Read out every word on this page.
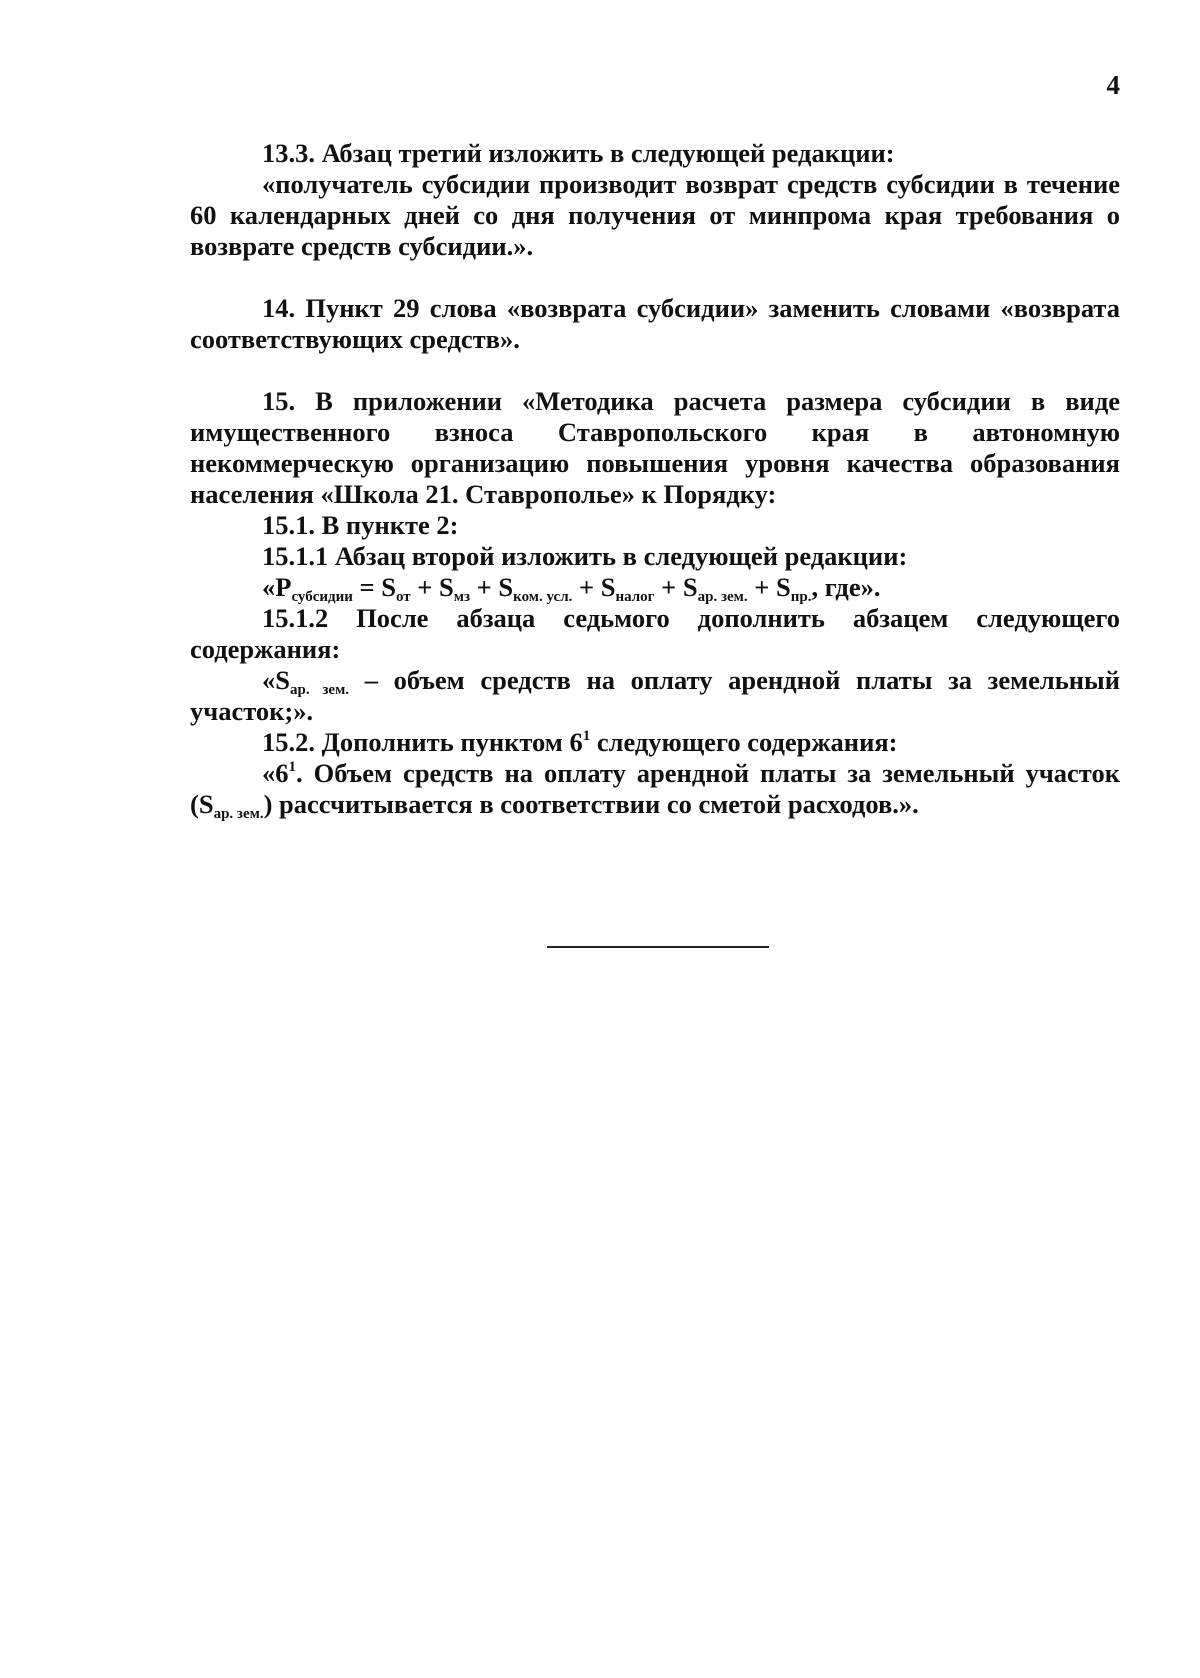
4

13.3. Абзац третий изложить в следующей редакции:

«получатель субсидии производит возврат средств субсидии в течение 60 календарных дней со дня получения от минпрома края требования о возврате средств субсидии.».

14. Пункт 29 слова «возврата субсидии» заменить словами «возврата соответствующих средств».

15. В приложении «Методика расчета размера субсидии в виде имущественного взноса Ставропольского края в автономную некоммерческую организацию повышения уровня качества образования населения «Школа 21. Ставрополье» к Порядку:

15.1. В пункте 2:

15.1.1 Абзац второй изложить в следующей редакции:

«$P_{субсидии} = S_{от} + S_{мз} + S_{ком. усл.} + S_{налог} + S_{ар. зем.} + S_{пр.}$, где».

15.1.2 После абзаца седьмого дополнить абзацем следующего содержания:

«$S_{ар. зем.}$ – объем средств на оплату арендной платы за земельный участок;».

15.2. Дополнить пунктом $6^1$ следующего содержания:

«$6^1$. Объем средств на оплату арендной платы за земельный участок $(S_{ар. зем.})$ рассчитывается в соответствии со сметой расходов.».
